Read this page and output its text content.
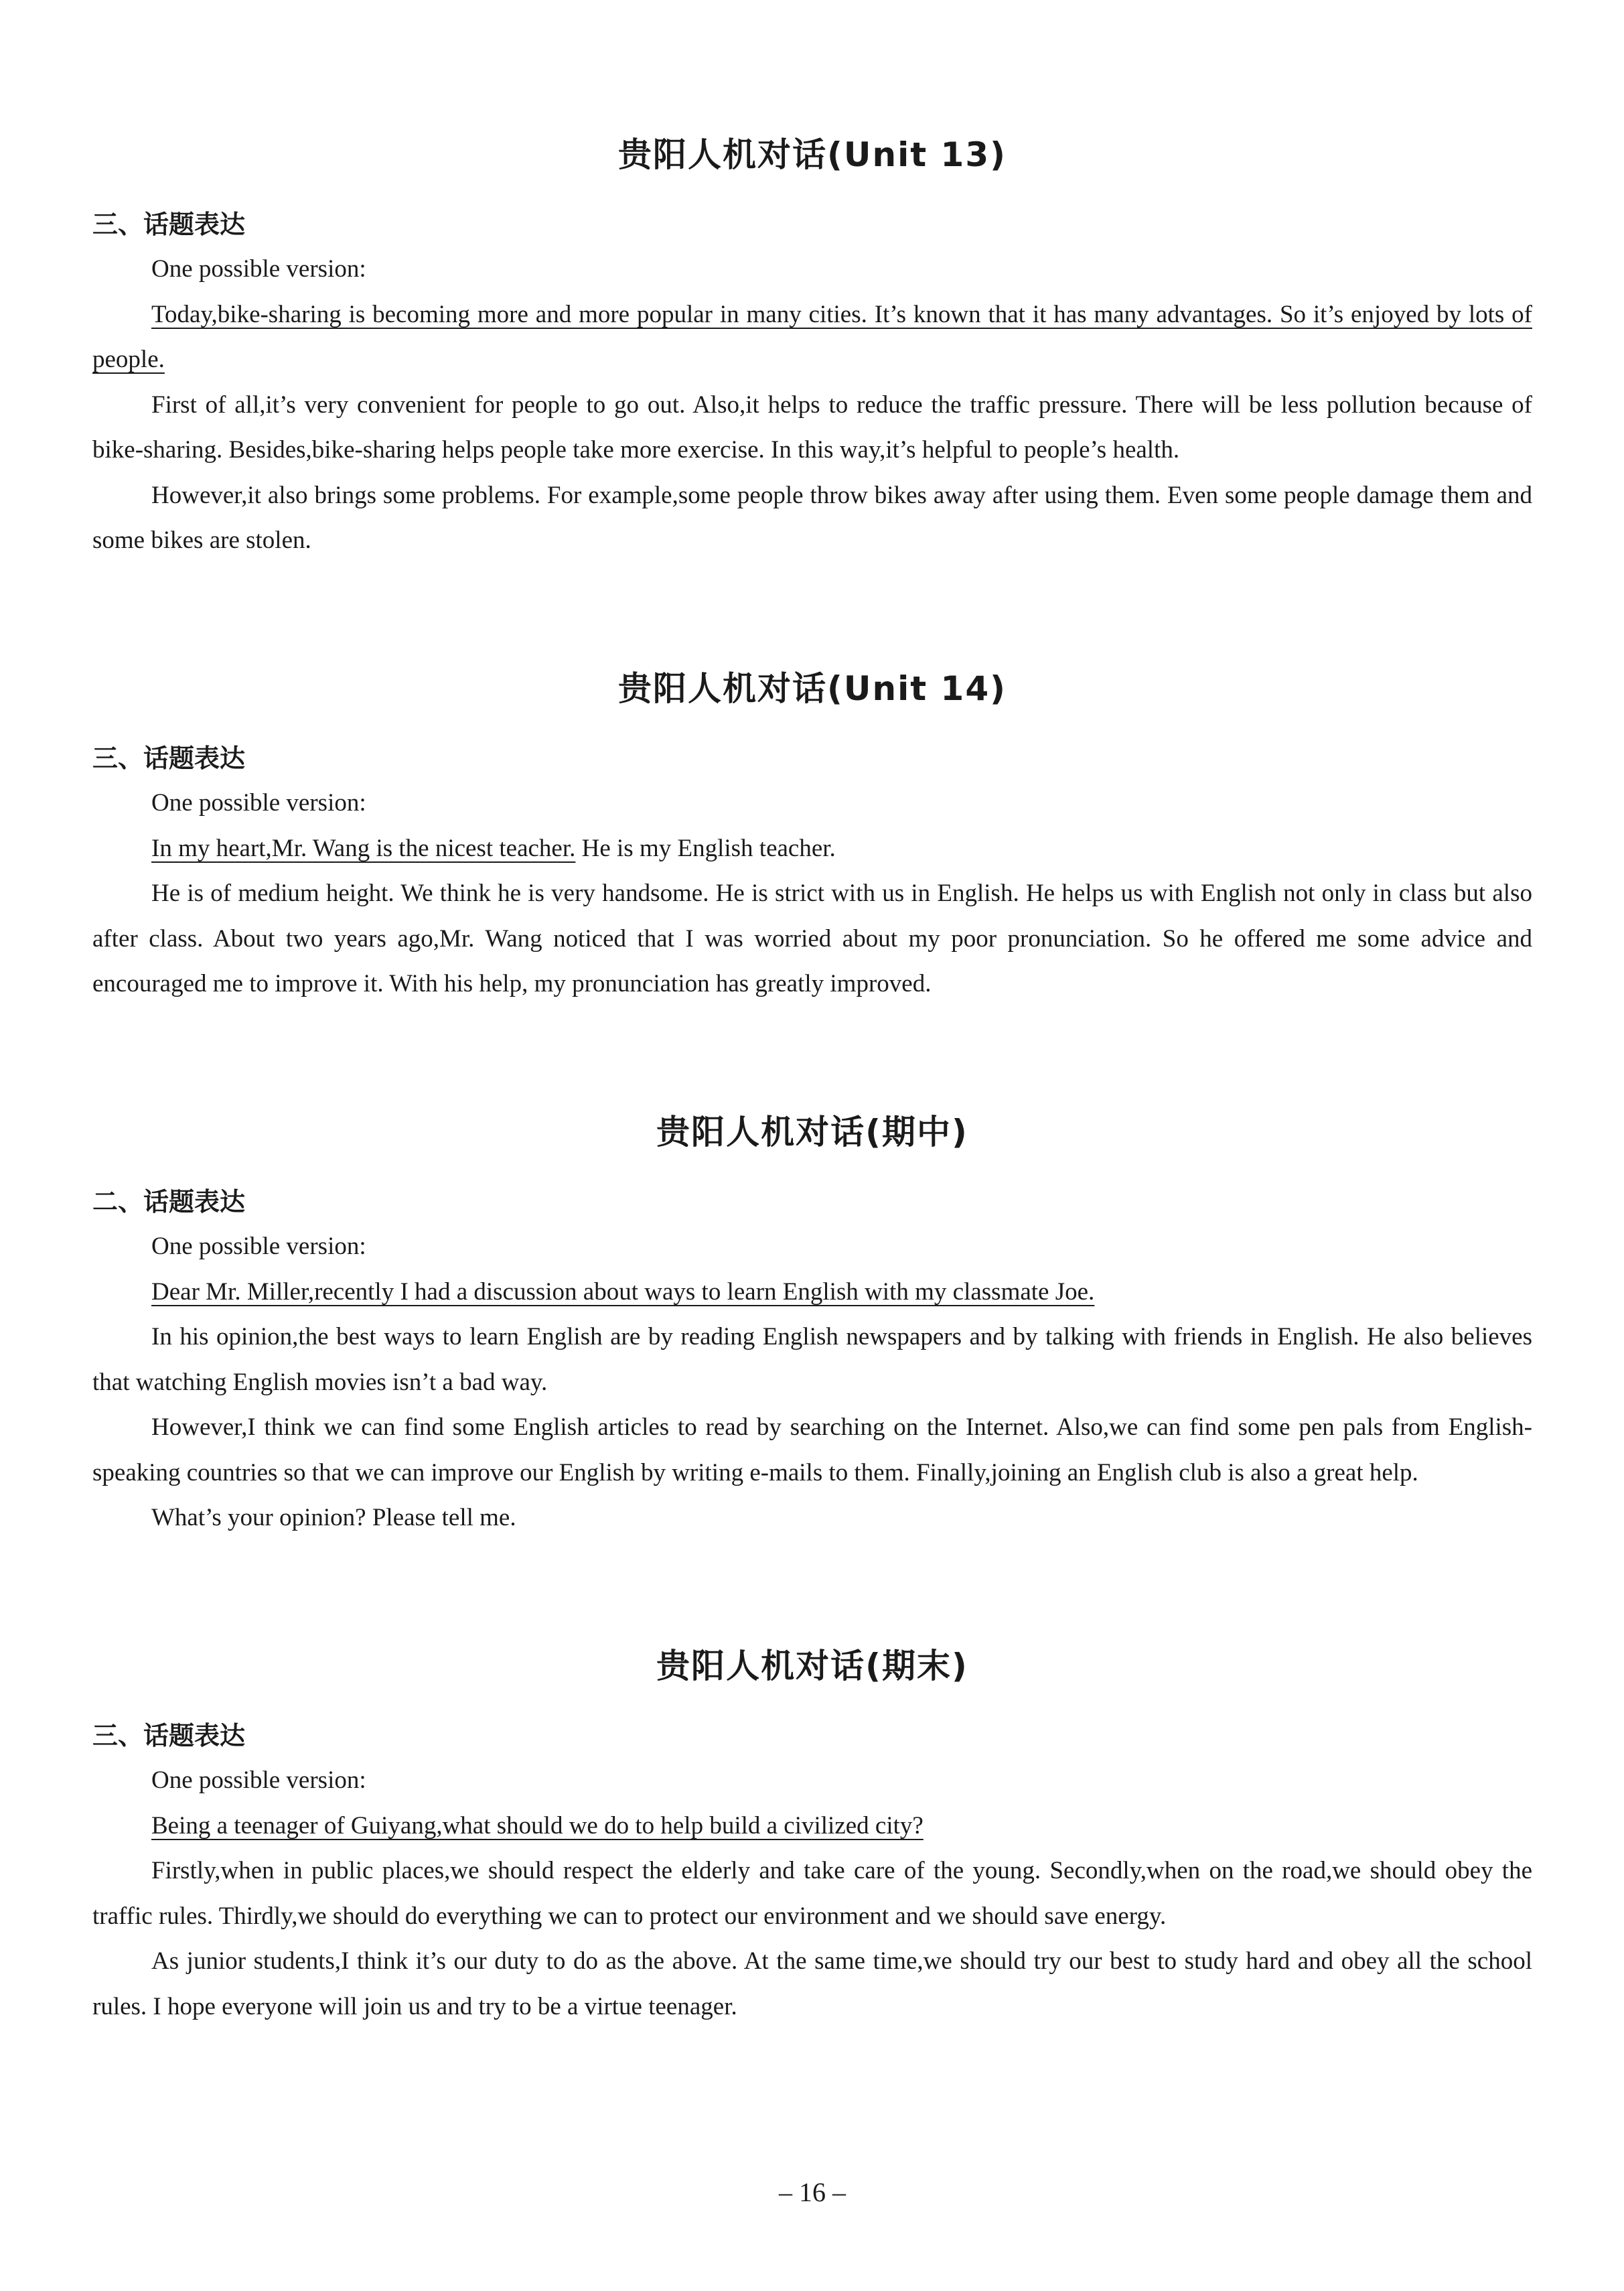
贵阳人机对话(Unit 13)
三、话题表达

One possible version:

Today,bike-sharing is becoming more and more popular in many cities. It’s known that it has many advantages. So it’s enjoyed by lots of people.

First of all,it’s very convenient for people to go out. Also,it helps to reduce the traffic pressure. There will be less pollution because of bike-sharing. Besides,bike-sharing helps people take more exercise. In this way,it’s helpful to people’s health.

However,it also brings some problems. For example,some people throw bikes away after using them. Even some people damage them and some bikes are stolen.

贵阳人机对话(Unit 14)
三、话题表达

One possible version:

In my heart,Mr. Wang is the nicest teacher. He is my English teacher.

He is of medium height. We think he is very handsome. He is strict with us in English. He helps us with English not only in class but also after class. About two years ago,Mr. Wang noticed that I was worried about my poor pronunciation. So he offered me some advice and encouraged me to improve it. With his help, my pronunciation has greatly improved.

贵阳人机对话(期中)
二、话题表达

One possible version:

Dear Mr. Miller,recently I had a discussion about ways to learn English with my classmate Joe.

In his opinion,the best ways to learn English are by reading English newspapers and by talking with friends in English. He also believes that watching English movies isn’t a bad way.

However,I think we can find some English articles to read by searching on the Internet. Also,we can find some pen pals from English-speaking countries so that we can improve our English by writing e-mails to them. Finally,joining an English club is also a great help.

What’s your opinion? Please tell me.

贵阳人机对话(期末)
三、话题表达

One possible version:

Being a teenager of Guiyang,what should we do to help build a civilized city?

Firstly,when in public places,we should respect the elderly and take care of the young. Secondly,when on the road,we should obey the traffic rules. Thirdly,we should do everything we can to protect our environment and we should save energy.

As junior students,I think it’s our duty to do as the above. At the same time,we should try our best to study hard and obey all the school rules. I hope everyone will join us and try to be a virtue teenager.

– 16 –
